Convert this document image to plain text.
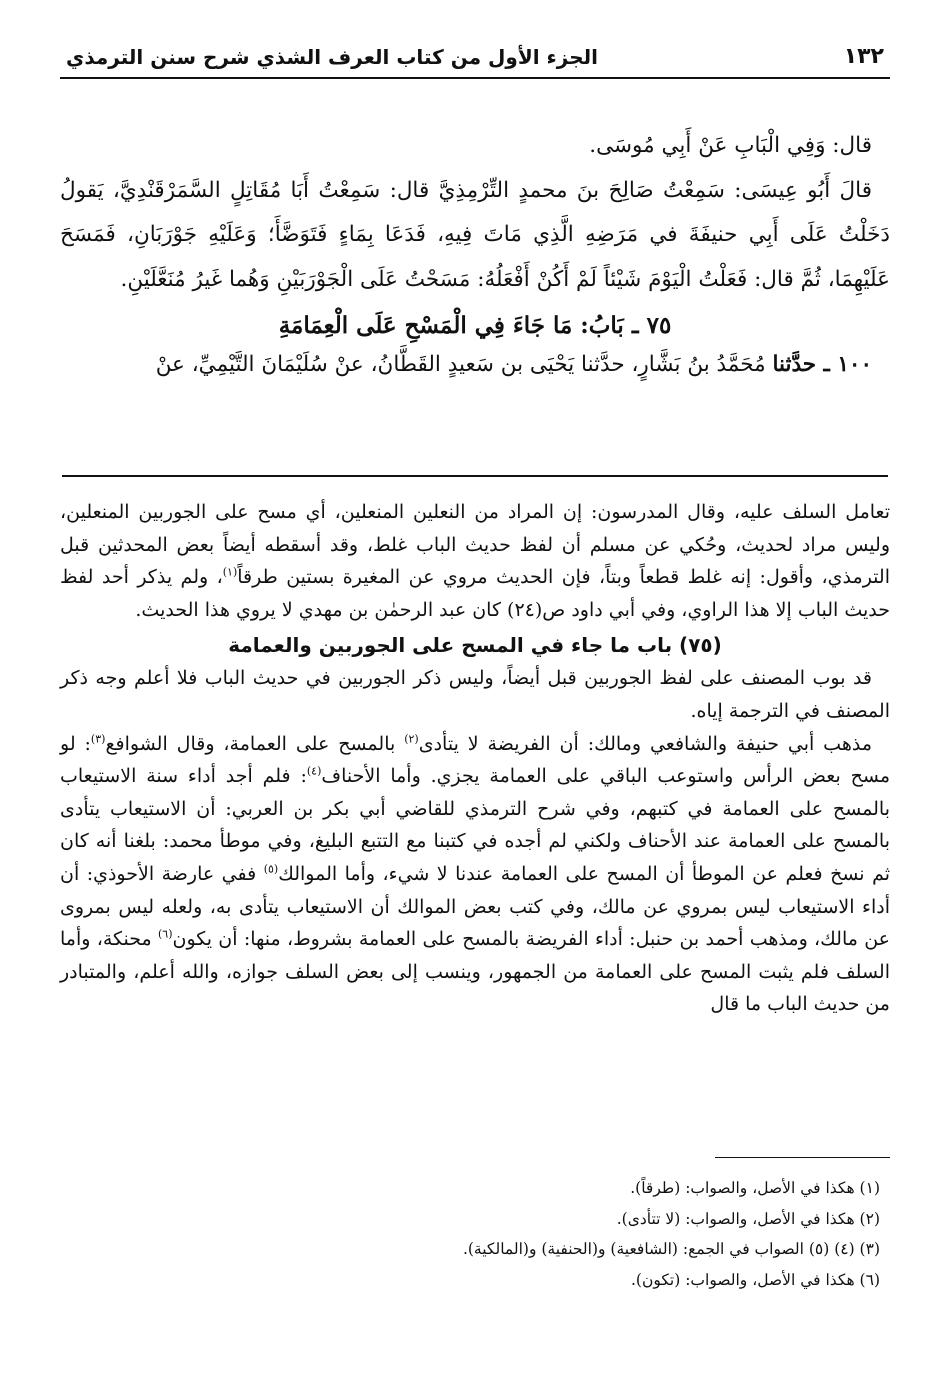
١٣٢
الجزء الأول من كتاب العرف الشذي شرح سنن الترمذي

قال: وَفِي الْبَابِ عَنْ أَبِي مُوسَى.

قالَ أَبُو عِيسَى: سَمِعْتُ صَالِحَ بنَ محمدٍ التِّرْمِذِيَّ قال: سَمِعْتُ أَبَا مُقَاتِلٍ السَّمَرْقَنْدِيَّ، يَقولُ دَخَلْتُ عَلَى أَبِي حنيفَةَ في مَرَضِهِ الَّذِي مَاتَ فِيهِ، فَدَعَا بِمَاءٍ فَتَوَضَّأَ؛ وَعَلَيْهِ جَوْرَبَانِ، فَمَسَحَ عَلَيْهِمَا، ثُمَّ قال: فَعَلْتُ الْيَوْمَ شَيْئاً لَمْ أَكُنْ أَفْعَلُهُ: مَسَحْتُ عَلَى الْجَوْرَبَيْنِ وَهُما غَيرُ مُنَعَّلَيْنِ.

٧٥ ـ بَابُ: مَا جَاءَ فِي الْمَسْحِ عَلَى الْعِمَامَةِ

١٠٠ ـ حدَّثنا مُحَمَّدُ بنُ بَشَّارٍ، حدَّثنا يَحْيَى بن سَعيدٍ القَطَّانُ، عنْ سُلَيْمَانَ التَّيْمِيِّ، عنْ

تعامل السلف عليه، وقال المدرسون: إن المراد من النعلين المنعلين، أي مسح على الجوربين المنعلين، وليس مراد لحديث، وحُكي عن مسلم أن لفظ حديث الباب غلط، وقد أسقطه أيضاً بعض المحدثين قبل الترمذي، وأقول: إنه غلط قطعاً وبتاً، فإن الحديث مروي عن المغيرة بستين طرقاً$^{(١)}$، ولم يذكر أحد لفظ حديث الباب إلا هذا الراوي، وفي أبي داود ص(٢٤) كان عبد الرحمٰن بن مهدي لا يروي هذا الحديث.

(٧٥) باب ما جاء في المسح على الجوربين والعمامة

قد بوب المصنف على لفظ الجوربين قبل أيضاً، وليس ذكر الجوربين في حديث الباب فلا أعلم وجه ذكر المصنف في الترجمة إياه.

مذهب أبي حنيفة والشافعي ومالك: أن الفريضة لا يتأدى$^{(٢)}$ بالمسح على العمامة، وقال الشوافع$^{(٣)}$: لو مسح بعض الرأس واستوعب الباقي على العمامة يجزي. وأما الأحناف$^{(٤)}$: فلم أجد أداء سنة الاستيعاب بالمسح على العمامة في كتبهم، وفي شرح الترمذي للقاضي أبي بكر بن العربي: أن الاستيعاب يتأدى بالمسح على العمامة عند الأحناف ولكني لم أجده في كتبنا مع التتبع البليغ، وفي موطأ محمد: بلغنا أنه كان ثم نسخ فعلم عن الموطأ أن المسح على العمامة عندنا لا شيء، وأما الموالك$^{(٥)}$ ففي عارضة الأحوذي: أن أداء الاستيعاب ليس بمروي عن مالك، وفي كتب بعض الموالك أن الاستيعاب يتأدى به، ولعله ليس بمروى عن مالك، ومذهب أحمد بن حنبل: أداء الفريضة بالمسح على العمامة بشروط، منها: أن يكون$^{(٦)}$ محنكة، وأما السلف فلم يثبت المسح على العمامة من الجمهور، وينسب إلى بعض السلف جوازه، والله أعلم، والمتبادر من حديث الباب ما قال

(١) هكذا في الأصل، والصواب: (طرقاً).
(٢) هكذا في الأصل، والصواب: (لا تتأدى).
(٣) (٤) (٥) الصواب في الجمع: (الشافعية) و(الحنفية) و(المالكية).
(٦) هكذا في الأصل، والصواب: (تكون).
